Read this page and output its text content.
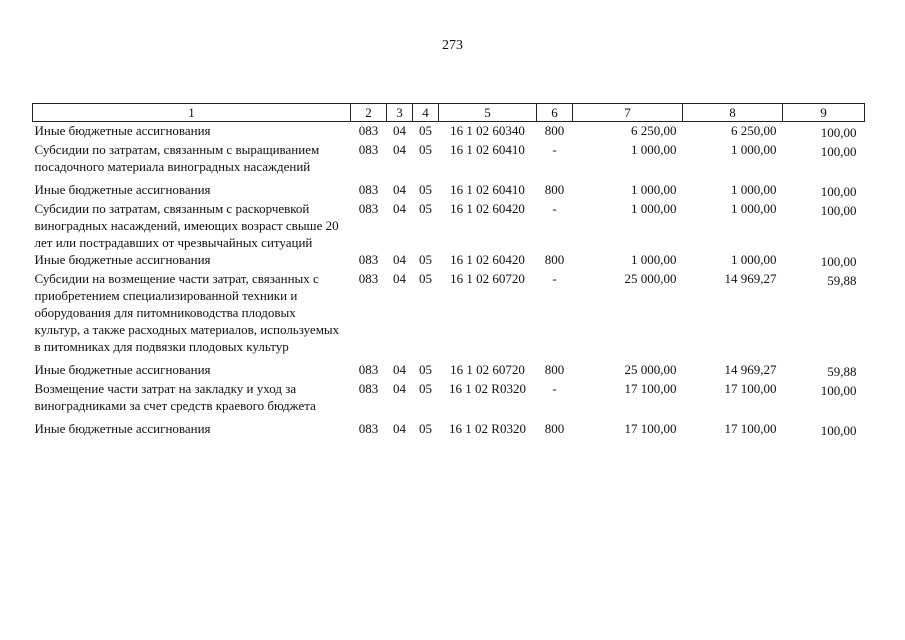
273
1	2	3	4	5	6	7	8	9
Иные бюджетные ассигнования	083	04	05	16 1 02 60340	800	6 250,00	6 250,00	100,00
Субсидии по затратам, связанным с выращиванием посадочного материала виноградных насаждений	083	04	05	16 1 02 60410	-	1 000,00	1 000,00	100,00
Иные бюджетные ассигнования	083	04	05	16 1 02 60410	800	1 000,00	1 000,00	100,00
Субсидии по затратам, связанным с раскорчевкой виноградных насаждений, имеющих возраст свыше 20 лет или пострадавших от чрезвычайных ситуаций	083	04	05	16 1 02 60420	-	1 000,00	1 000,00	100,00
Иные бюджетные ассигнования	083	04	05	16 1 02 60420	800	1 000,00	1 000,00	100,00
Субсидии на возмещение части затрат, связанных с приобретением специализированной техники и оборудования для питомниководства плодовых культур, а также расходных материалов, используемых в питомниках для подвязки плодовых культур	083	04	05	16 1 02 60720	-	25 000,00	14 969,27	59,88
Иные бюджетные ассигнования	083	04	05	16 1 02 60720	800	25 000,00	14 969,27	59,88
Возмещение части затрат на закладку и уход за виноградниками за счет средств краевого бюджета	083	04	05	16 1 02 R0320	-	17 100,00	17 100,00	100,00
Иные бюджетные ассигнования	083	04	05	16 1 02 R0320	800	17 100,00	17 100,00	100,00
